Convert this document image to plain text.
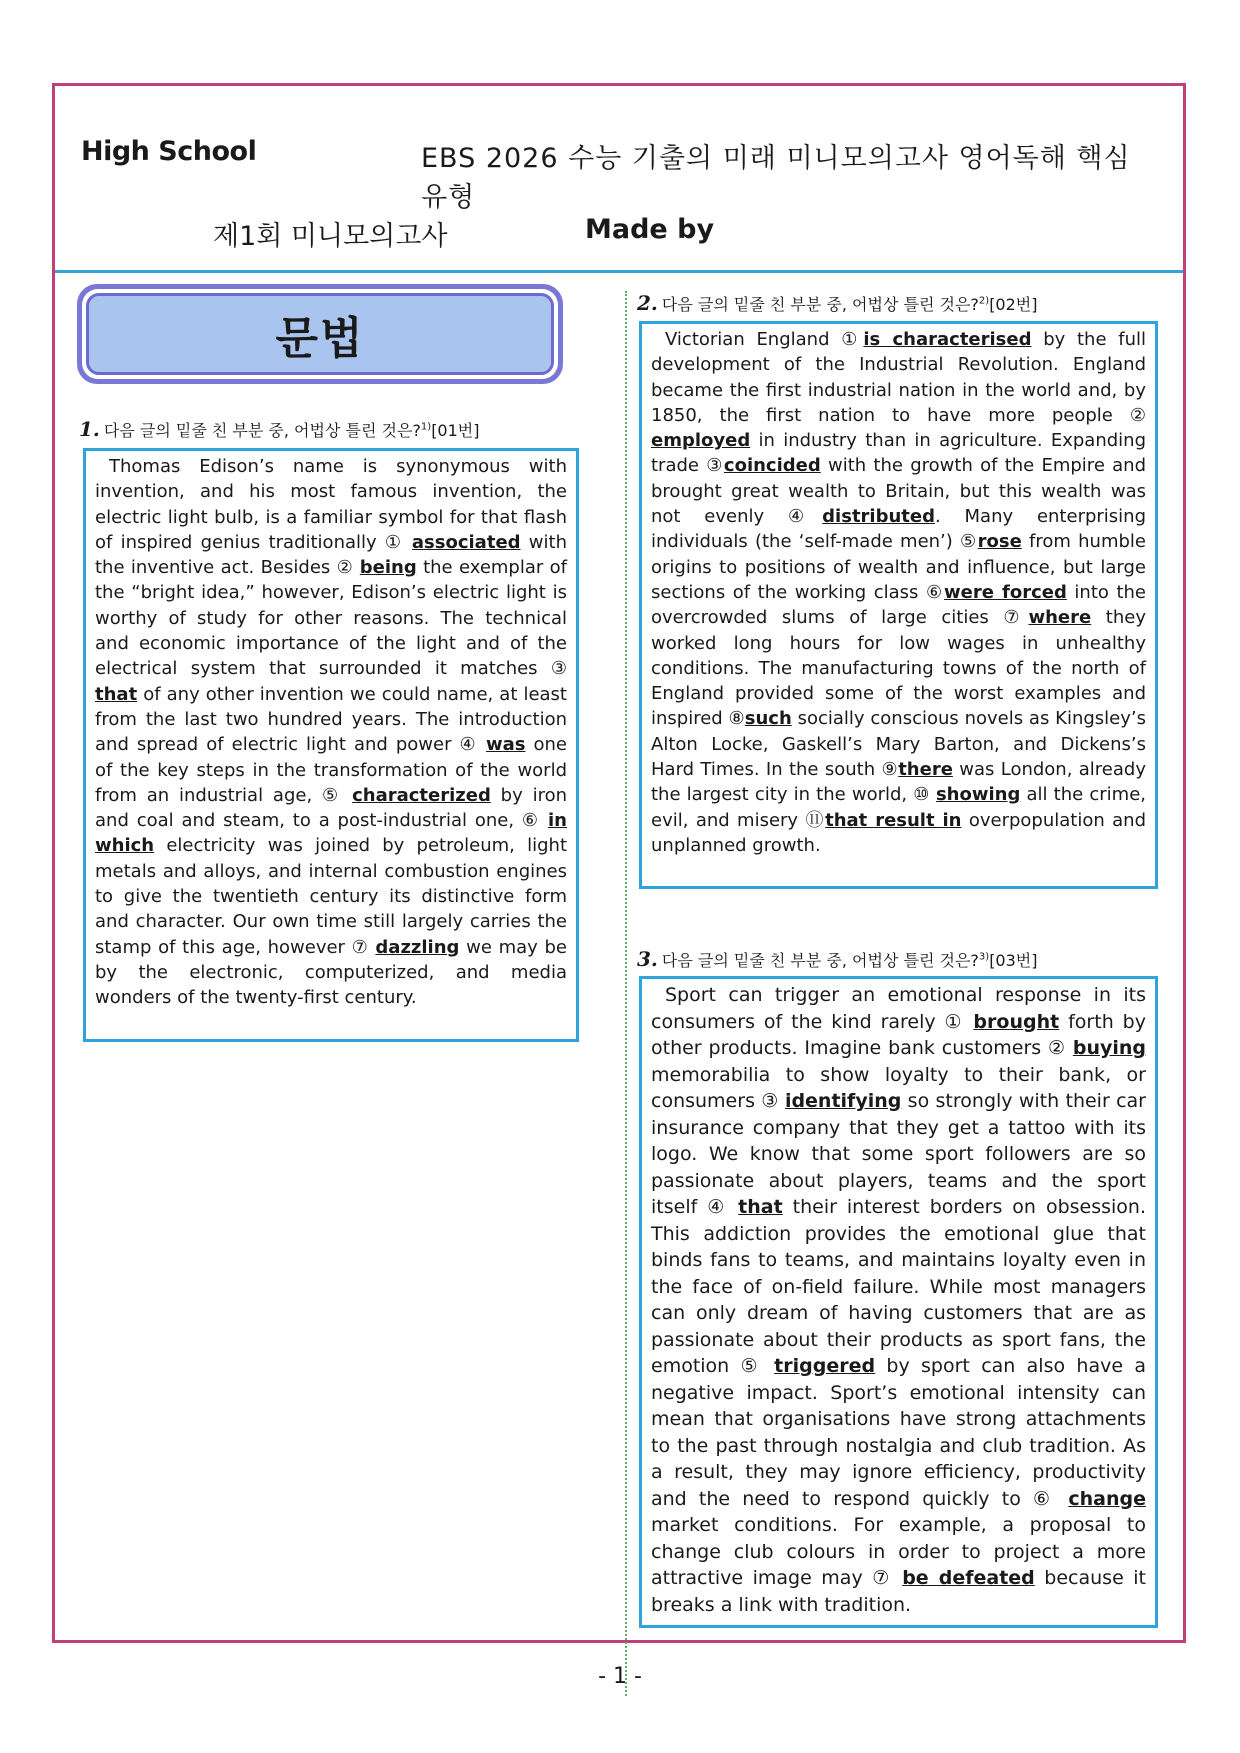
High School	EBS 2026 수능 기출의 미래 미니모의고사 영어독해 핵심유형
제1회 미니모의고사	Made by
문법
1. 다음 글의 밑줄 친 부분 중, 어법상 틀린 것은?$^{1)}$[01번]

Thomas Edison’s name is synonymous with invention, and his most famous invention, the electric light bulb, is a familiar symbol for that flash of inspired genius traditionally ① associated with the inventive act. Besides ② being the exemplar of the “bright idea,” however, Edison’s electric light is worthy of study for other reasons. The technical and economic importance of the light and of the electrical system that surrounded it matches ③ that of any other invention we could name, at least from the last two hundred years. The introduction and spread of electric light and power ④ was one of the key steps in the transformation of the world from an industrial age, ⑤ characterized by iron and coal and steam, to a post-industrial one, ⑥ in which electricity was joined by petroleum, light metals and alloys, and internal combustion engines to give the twentieth century its distinctive form and character. Our own time still largely carries the stamp of this age, however ⑦ dazzling we may be by the electronic, computerized, and media wonders of the twenty-first century.

2. 다음 글의 밑줄 친 부분 중, 어법상 틀린 것은?$^{2)}$[02번]

Victorian England ①is characterised by the full development of the Industrial Revolution. England became the first industrial nation in the world and, by 1850, the first nation to have more people ② employed in industry than in agriculture. Expanding trade ③coincided with the growth of the Empire and brought great wealth to Britain, but this wealth was not evenly ④distributed. Many enterprising individuals (the ‘self-made men’) ⑤rose from humble origins to positions of wealth and influence, but large sections of the working class ⑥were forced into the overcrowded slums of large cities ⑦where they worked long hours for low wages in unhealthy conditions. The manufacturing towns of the north of England provided some of the worst examples and inspired ⑧such socially conscious novels as Kingsley’s Alton Locke, Gaskell’s Mary Barton, and Dickens’s Hard Times. In the south ⑨there was London, already the largest city in the world, ⑩ showing all the crime, evil, and misery ⑪that result in overpopulation and unplanned growth.

3. 다음 글의 밑줄 친 부분 중, 어법상 틀린 것은?$^{3)}$[03번]

Sport can trigger an emotional response in its consumers of the kind rarely ① brought forth by other products. Imagine bank customers ② buying memorabilia to show loyalty to their bank, or consumers ③ identifying so strongly with their car insurance company that they get a tattoo with its logo. We know that some sport followers are so passionate about players, teams and the sport itself ④ that their interest borders on obsession. This addiction provides the emotional glue that binds fans to teams, and maintains loyalty even in the face of on-field failure. While most managers can only dream of having customers that are as passionate about their products as sport fans, the emotion ⑤ triggered by sport can also have a negative impact. Sport’s emotional intensity can mean that organisations have strong attachments to the past through nostalgia and club tradition. As a result, they may ignore efficiency, productivity and the need to respond quickly to ⑥ change market conditions. For example, a proposal to change club colours in order to project a more attractive image may ⑦ be defeated because it breaks a link with tradition.

- 1 -
